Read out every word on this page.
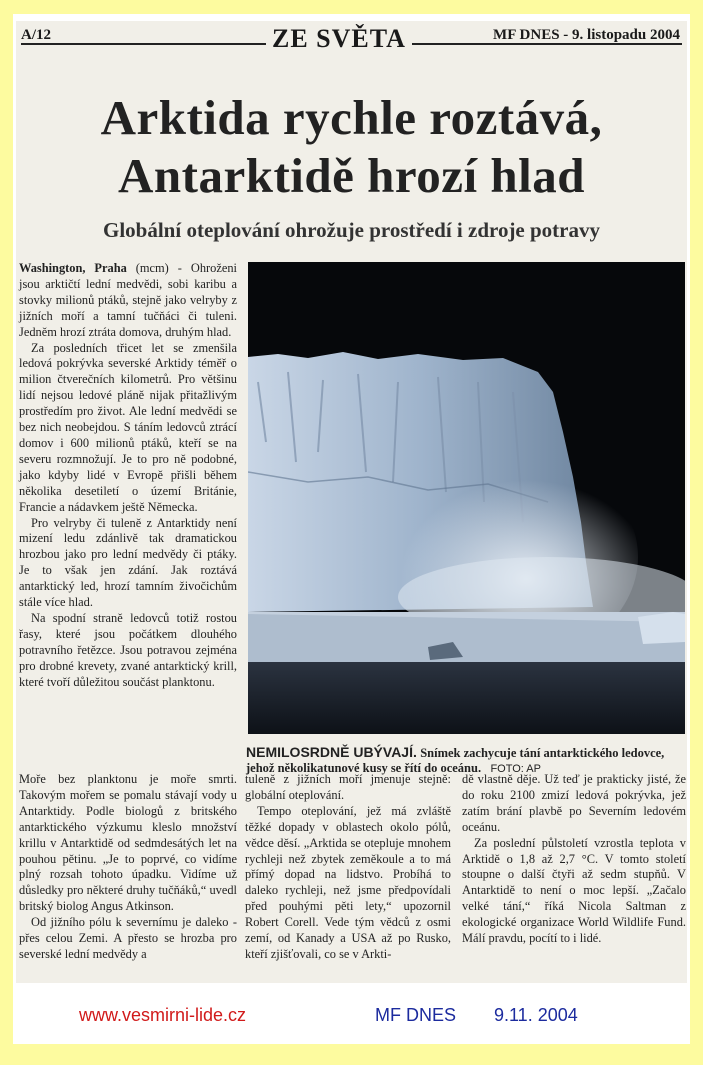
A/12	ZE SVĚTA	MF DNES - 9. listopadu 2004
Arktida rychle roztává,
Antarktidě hrozí hlad
Globální oteplování ohrožuje prostředí i zdroje potravy

Washington, Praha (mcm) - Ohroženi jsou arktičtí lední medvědi, sobi karibu a stovky milionů ptáků, stejně jako velryby z jižních moří a tamní tučňáci či tuleni. Jedněm hrozí ztráta domova, druhým hlad.

Za posledních třicet let se zmenšila ledová pokrývka severské Arktidy téměř o milion čtverečních kilometrů. Pro většinu lidí nejsou ledové pláně nijak přitažlivým prostředím pro život. Ale lední medvědi se bez nich neobejdou. S táním ledovců ztrácí domov i 600 milionů ptáků, kteří se na severu rozmnožují. Je to pro ně podobné, jako kdyby lidé v Evropě přišli během několika desetiletí o území Británie, Francie a nádavkem ještě Německa.

Pro velryby či tuleně z Antarktidy není mizení ledu zdánlivě tak dramatickou hrozbou jako pro lední medvědy či ptáky. Je to však jen zdání. Jak roztává antarktický led, hrozí tamním živočichům stále více hlad.

Na spodní straně ledovců totiž rostou řasy, které jsou počátkem dlouhého potravního řetězce. Jsou potravou zejména pro drobné krevety, zvané antarktický krill, které tvoří důležitou součást planktonu.

NEMILOSRDNĚ UBÝVAJÍ. Snímek zachycuje tání antarktického ledovce, jehož několikatunové kusy se řítí do oceánu. FOTO: AP

Moře bez planktonu je moře smrti. Takovým mořem se pomalu stávají vody u Antarktidy. Podle biologů z britského antarktického výzkumu kleslo množství krillu v Antarktidě od sedmdesátých let na pouhou pětinu. „Je to poprvé, co vidíme plný rozsah tohoto úpadku. Vidíme už důsledky pro některé druhy tučňáků,“ uvedl britský biolog Angus Atkinson.

Od jižního pólu k severnímu je daleko - přes celou Zemi. A přesto se hrozba pro severské lední medvědy a

tuleně z jižních moří jmenuje stejně: globální oteplování.

Tempo oteplování, jež má zvláště těžké dopady v oblastech okolo pólů, vědce děsí. „Arktida se otepluje mnohem rychleji než zbytek zeměkoule a to má přímý dopad na lidstvo. Probíhá to daleko rychleji, než jsme předpovídali před pouhými pěti lety,“ upozornil Robert Corell. Vede tým vědců z osmi zemí, od Kanady a USA až po Rusko, kteří zjišťovali, co se v Arkti-

dě vlastně děje. Už teď je prakticky jisté, že do roku 2100 zmizí ledová pokrývka, jež zatím brání plavbě po Severním ledovém oceánu.

Za poslední půlstoletí vzrostla teplota v Arktidě o 1,8 až 2,7 °C. V tomto století stoupne o další čtyři až sedm stupňů. V Antarktidě to není o moc lepší. „Začalo velké tání,“ říká Nicola Saltman z ekologické organizace World Wildlife Fund. Málí pravdu, pocítí to i lidé.

www.vesmirni-lide.cz	MF DNES 9.11. 2004
